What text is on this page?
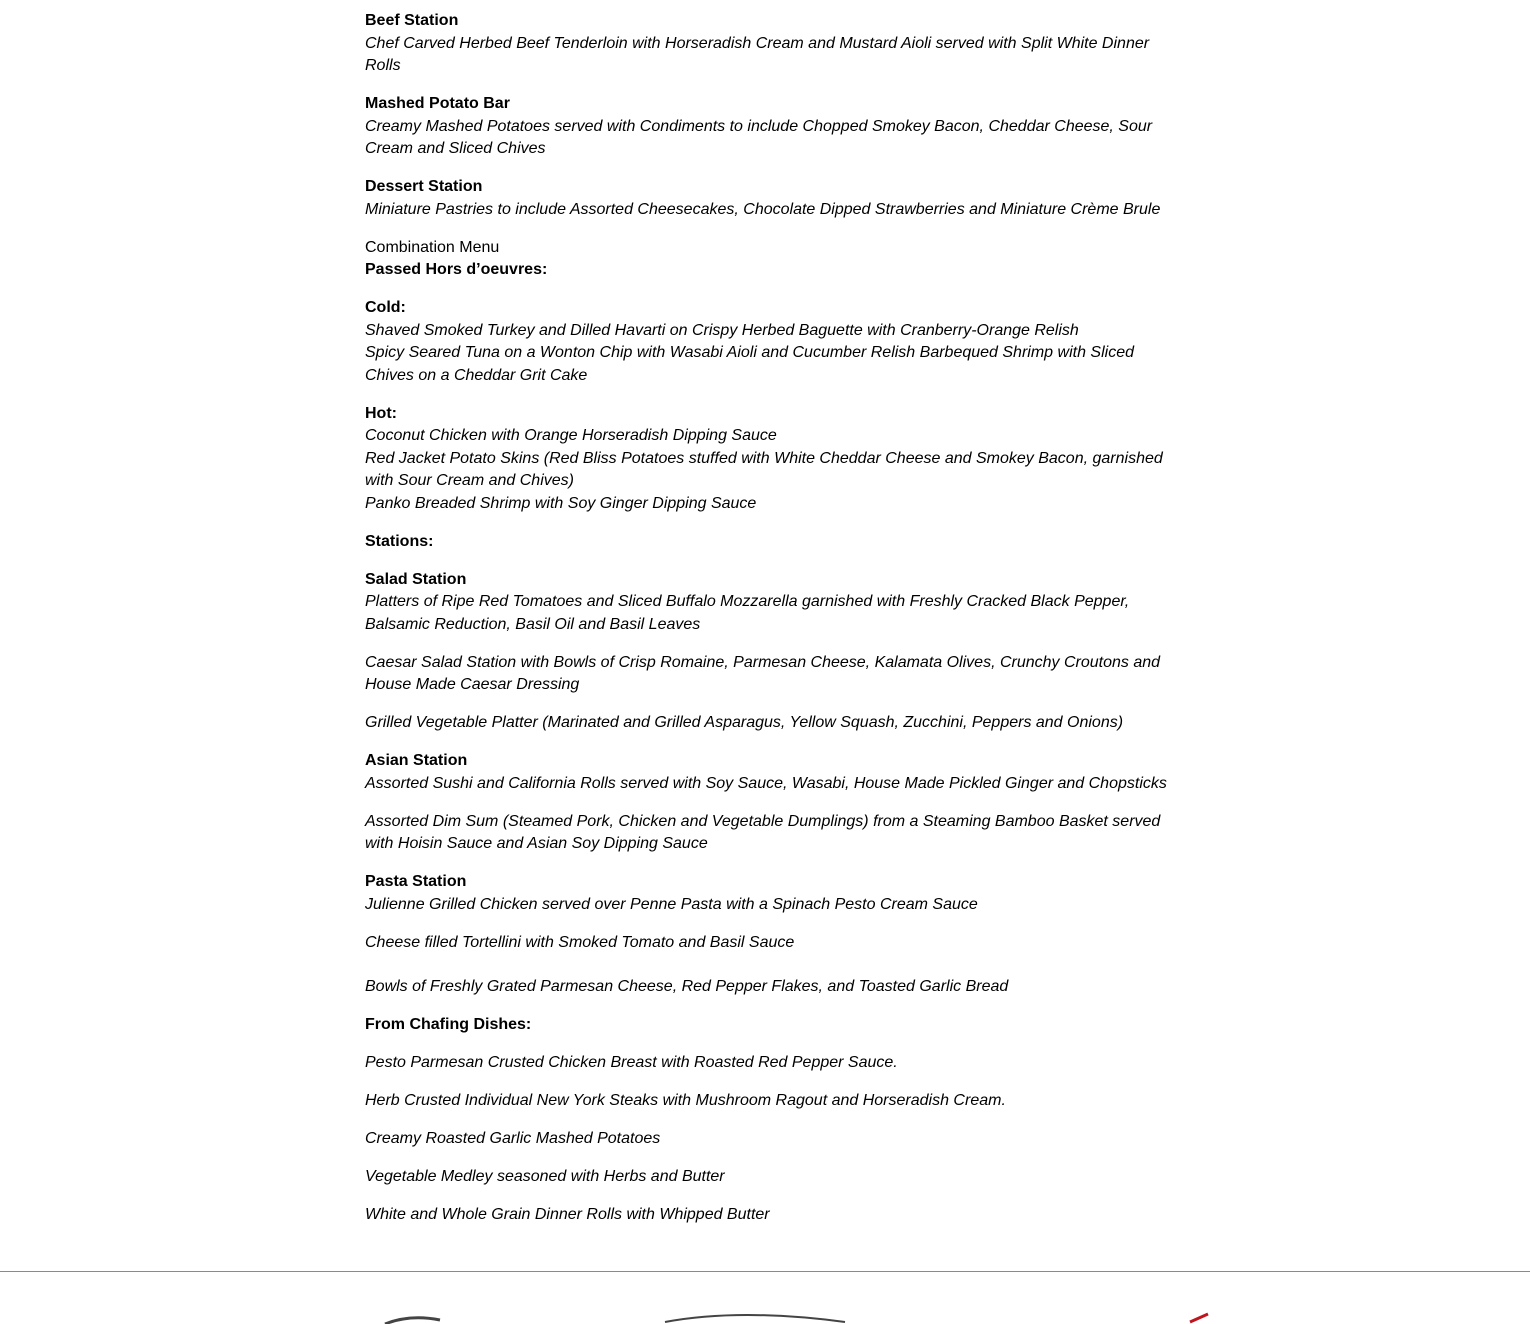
Beef Station
Chef Carved Herbed Beef Tenderloin with Horseradish Cream and Mustard Aioli served with Split White Dinner Rolls
Mashed Potato Bar
Creamy Mashed Potatoes served with Condiments to include Chopped Smokey Bacon, Cheddar Cheese, Sour Cream and Sliced Chives
Dessert Station
Miniature Pastries to include Assorted Cheesecakes, Chocolate Dipped Strawberries and Miniature Crème Brule
Combination Menu
Passed Hors d’oeuvres:
Cold:
Shaved Smoked Turkey and Dilled Havarti on Crispy Herbed Baguette with Cranberry-Orange Relish
Spicy Seared Tuna on a Wonton Chip with Wasabi Aioli and Cucumber Relish Barbequed Shrimp with Sliced Chives on a Cheddar Grit Cake
Hot:
Coconut Chicken with Orange Horseradish Dipping Sauce
Red Jacket Potato Skins (Red Bliss Potatoes stuffed with White Cheddar Cheese and Smokey Bacon, garnished with Sour Cream and Chives)
Panko Breaded Shrimp with Soy Ginger Dipping Sauce
Stations:
Salad Station
Platters of Ripe Red Tomatoes and Sliced Buffalo Mozzarella garnished with Freshly Cracked Black Pepper, Balsamic Reduction, Basil Oil and Basil Leaves
Caesar Salad Station with Bowls of Crisp Romaine, Parmesan Cheese, Kalamata Olives, Crunchy Croutons and House Made Caesar Dressing
Grilled Vegetable Platter (Marinated and Grilled Asparagus, Yellow Squash, Zucchini, Peppers and Onions)
Asian Station
Assorted Sushi and California Rolls served with Soy Sauce, Wasabi, House Made Pickled Ginger and Chopsticks
Assorted Dim Sum (Steamed Pork, Chicken and Vegetable Dumplings) from a Steaming Bamboo Basket served with Hoisin Sauce and Asian Soy Dipping Sauce
Pasta Station
Julienne Grilled Chicken served over Penne Pasta with a Spinach Pesto Cream Sauce
Cheese filled Tortellini with Smoked Tomato and Basil Sauce
Bowls of Freshly Grated Parmesan Cheese, Red Pepper Flakes, and Toasted Garlic Bread
From Chafing Dishes:
Pesto Parmesan Crusted Chicken Breast with Roasted Red Pepper Sauce.
Herb Crusted Individual New York Steaks with Mushroom Ragout and Horseradish Cream.
Creamy Roasted Garlic Mashed Potatoes
Vegetable Medley seasoned with Herbs and Butter
White and Whole Grain Dinner Rolls with Whipped Butter
